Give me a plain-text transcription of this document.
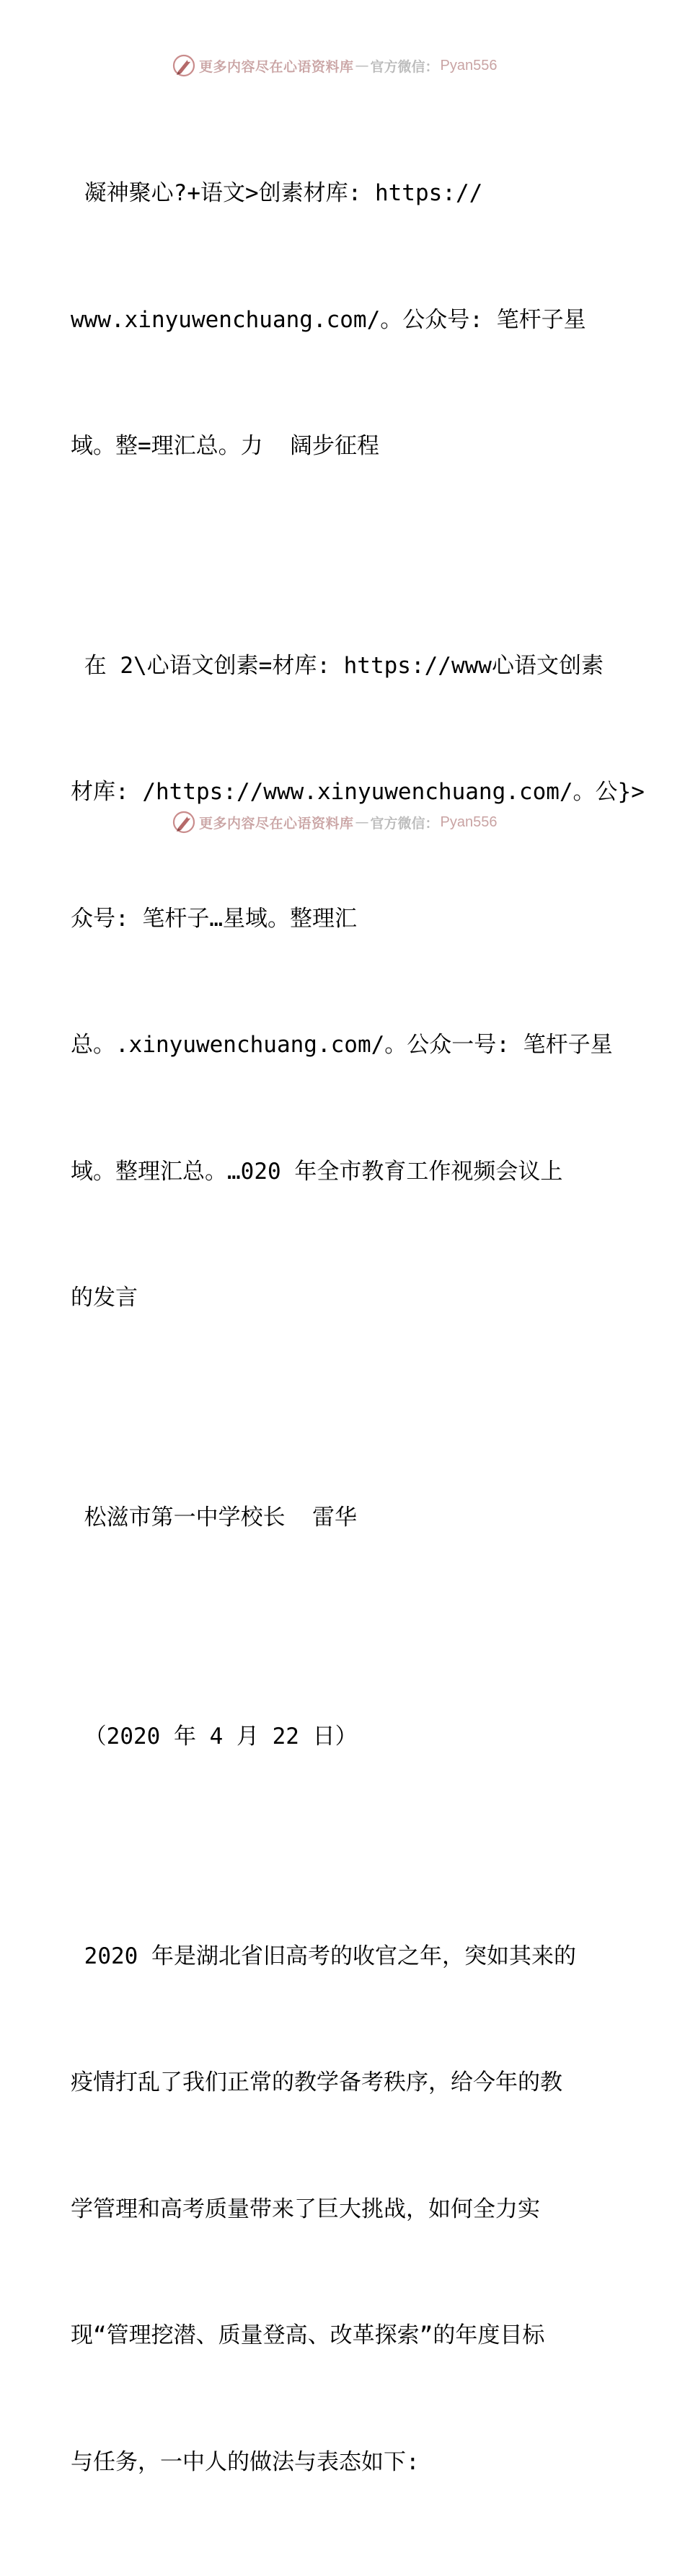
更多内容尽在心语资料库 — 官方微信： Pyan556

凝神聚心?+语文>创素材库: https://

www.xinyuwenchuang.com/。公众号: 笔杆子星

域。整=理汇总。力  阔步征程

在 2\心语文创素=材库: https://www心语文创素

材库: /https://www.xinyuwenchuang.com/。公}>

众号: 笔杆子…星域。整理汇

总。.xinyuwenchuang.com/。公众一号: 笔杆子星

域。整理汇总。…020 年全市教育工作视频会议上

的发言

松滋市第一中学校长  雷华

（2020 年 4 月 22 日）

2020 年是湖北省旧高考的收官之年，突如其来的

疫情打乱了我们正常的教学备考秩序，给今年的教

学管理和高考质量带来了巨大挑战，如何全力实

现“管理挖潜、质量登高、改革探索”的年度目标

与任务，一中人的做法与表态如下:

更多内容尽在心语资料库 — 官方微信： Pyan556
